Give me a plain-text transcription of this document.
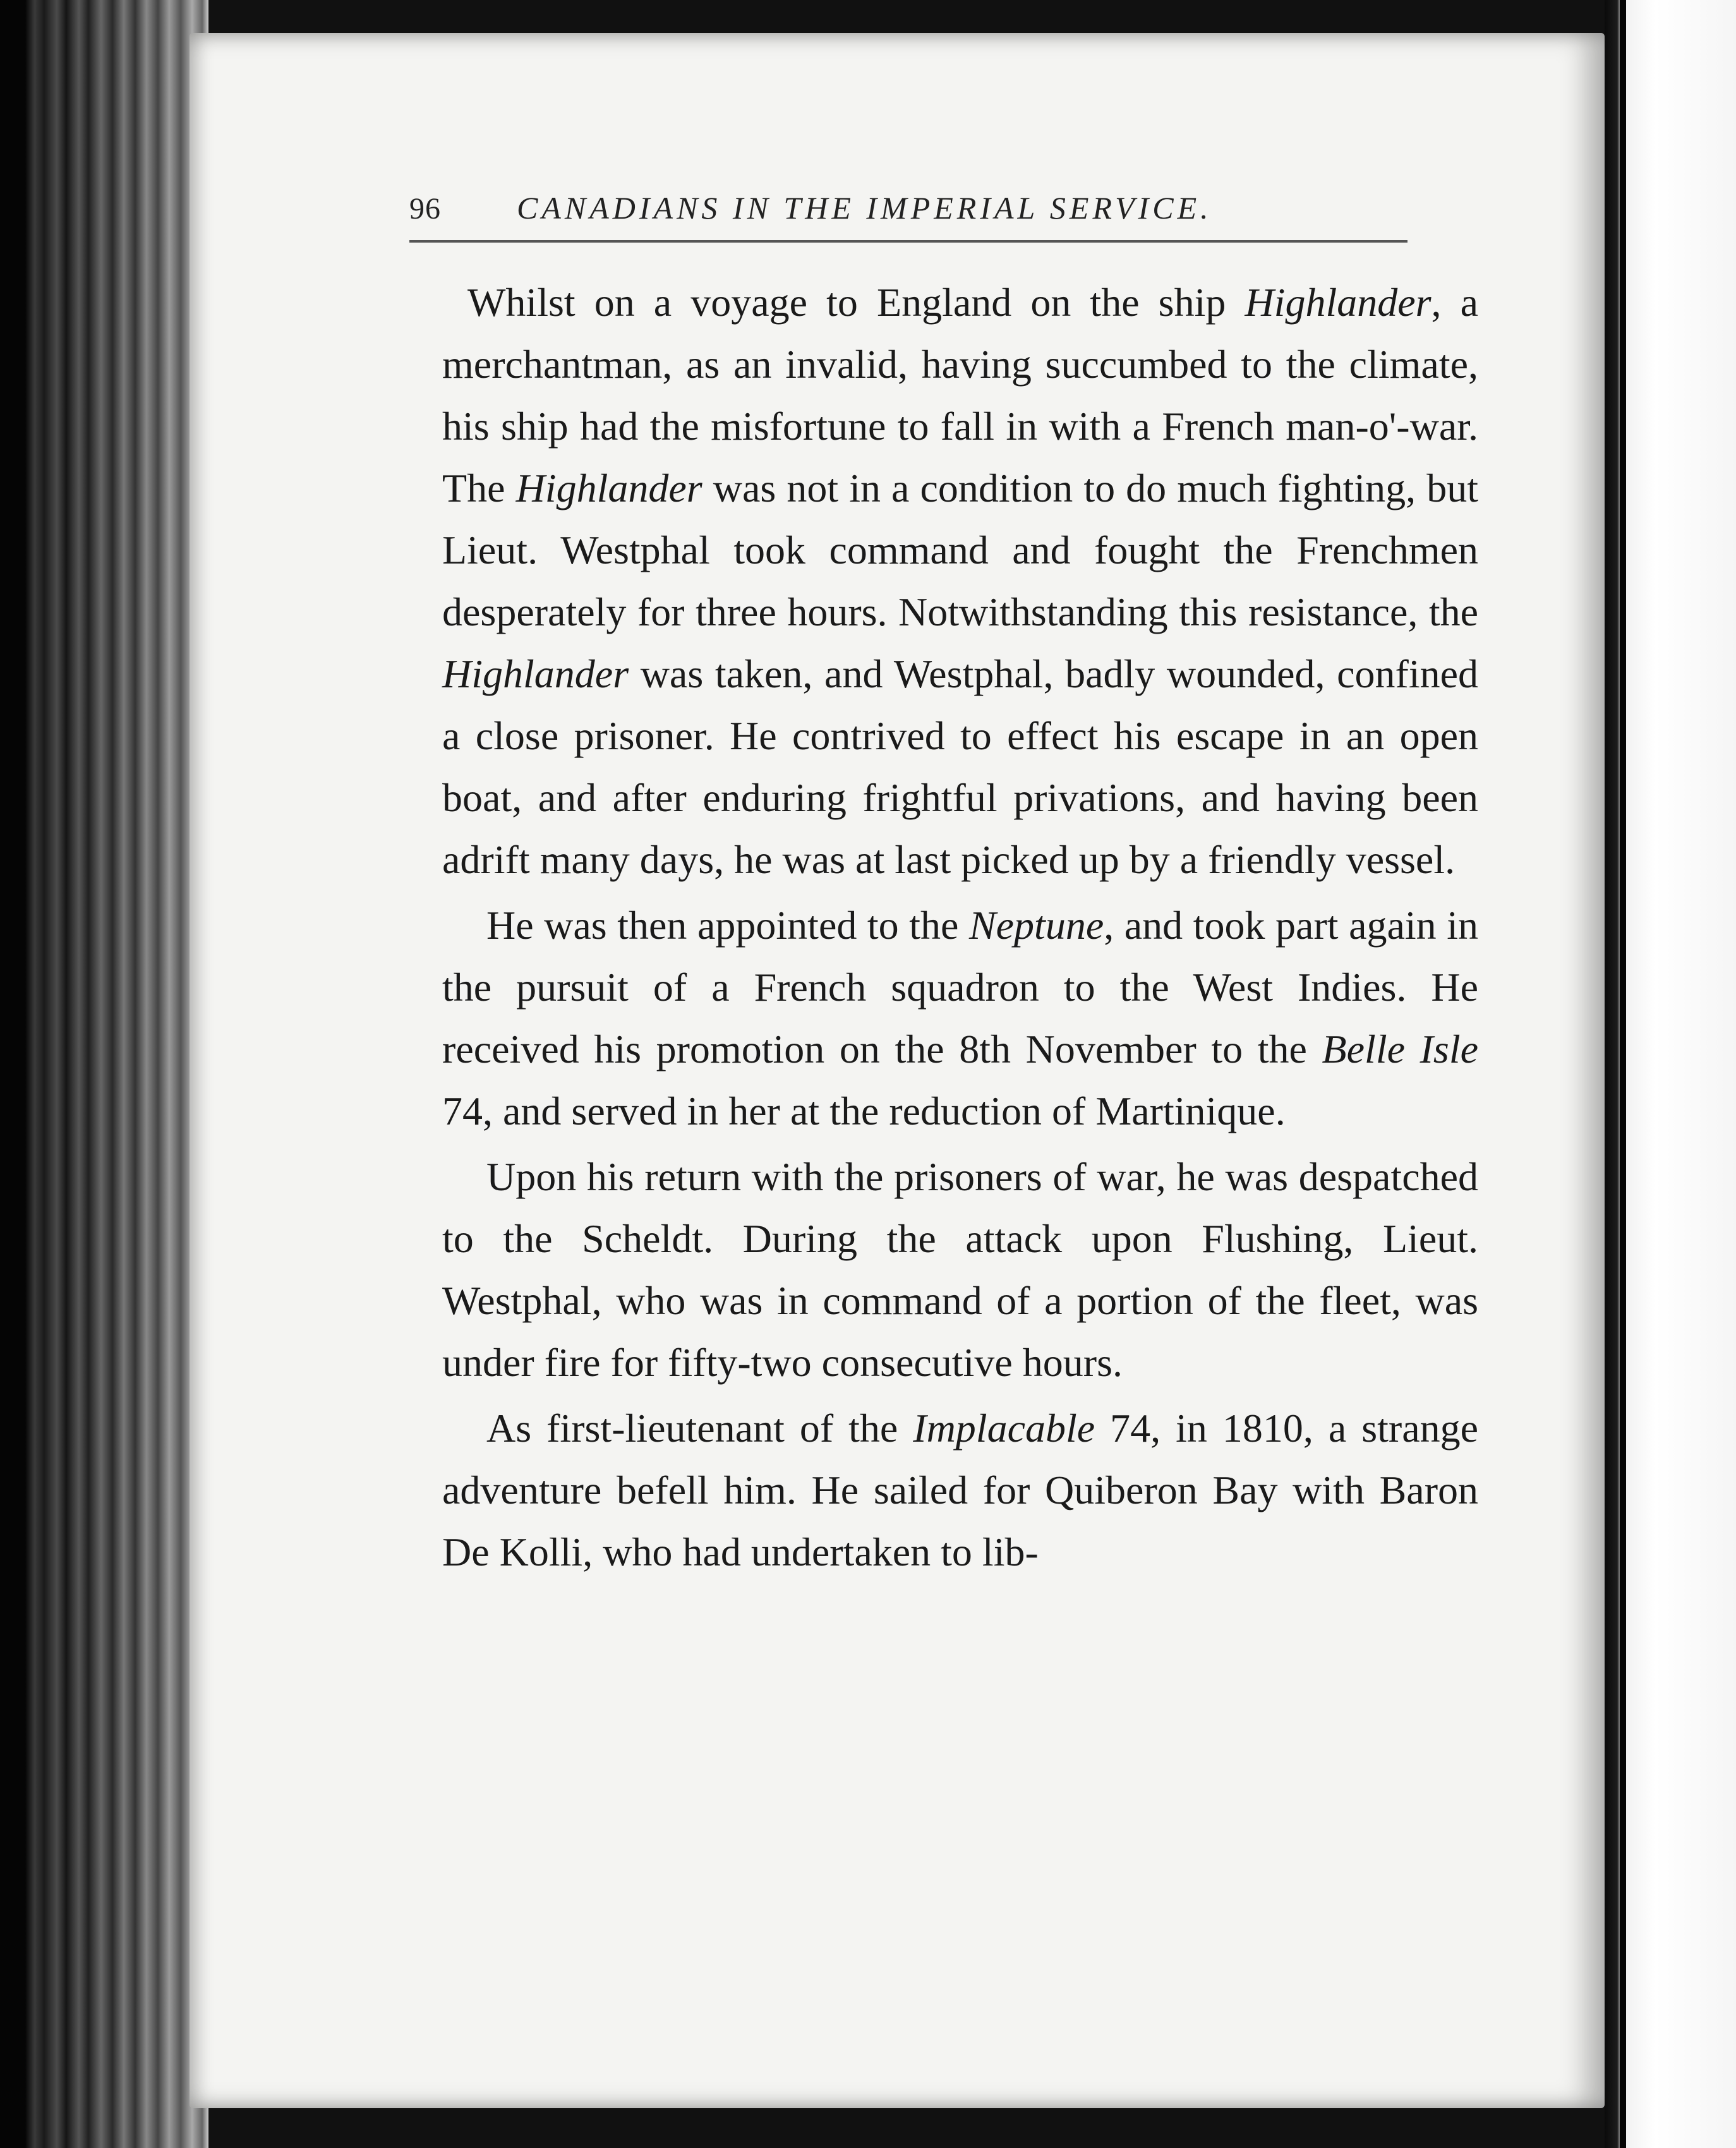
96 CANADIANS IN THE IMPERIAL SERVICE.

Whilst on a voyage to England on the ship Highlander, a merchantman, as an invalid, having succumbed to the climate, his ship had the misfortune to fall in with a French man-o'-war. The Highlander was not in a condition to do much fighting, but Lieut. Westphal took command and fought the Frenchmen desperately for three hours. Notwithstanding this resistance, the Highlander was taken, and Westphal, badly wounded, confined a close prisoner. He contrived to effect his escape in an open boat, and after enduring frightful privations, and having been adrift many days, he was at last picked up by a friendly vessel.

He was then appointed to the Neptune, and took part again in the pursuit of a French squadron to the West Indies. He received his promotion on the 8th November to the Belle Isle 74, and served in her at the reduction of Martinique.

Upon his return with the prisoners of war, he was despatched to the Scheldt. During the attack upon Flushing, Lieut. Westphal, who was in command of a portion of the fleet, was under fire for fifty-two consecutive hours.

As first-lieutenant of the Implacable 74, in 1810, a strange adventure befell him. He sailed for Quiberon Bay with Baron De Kolli, who had undertaken to lib-
